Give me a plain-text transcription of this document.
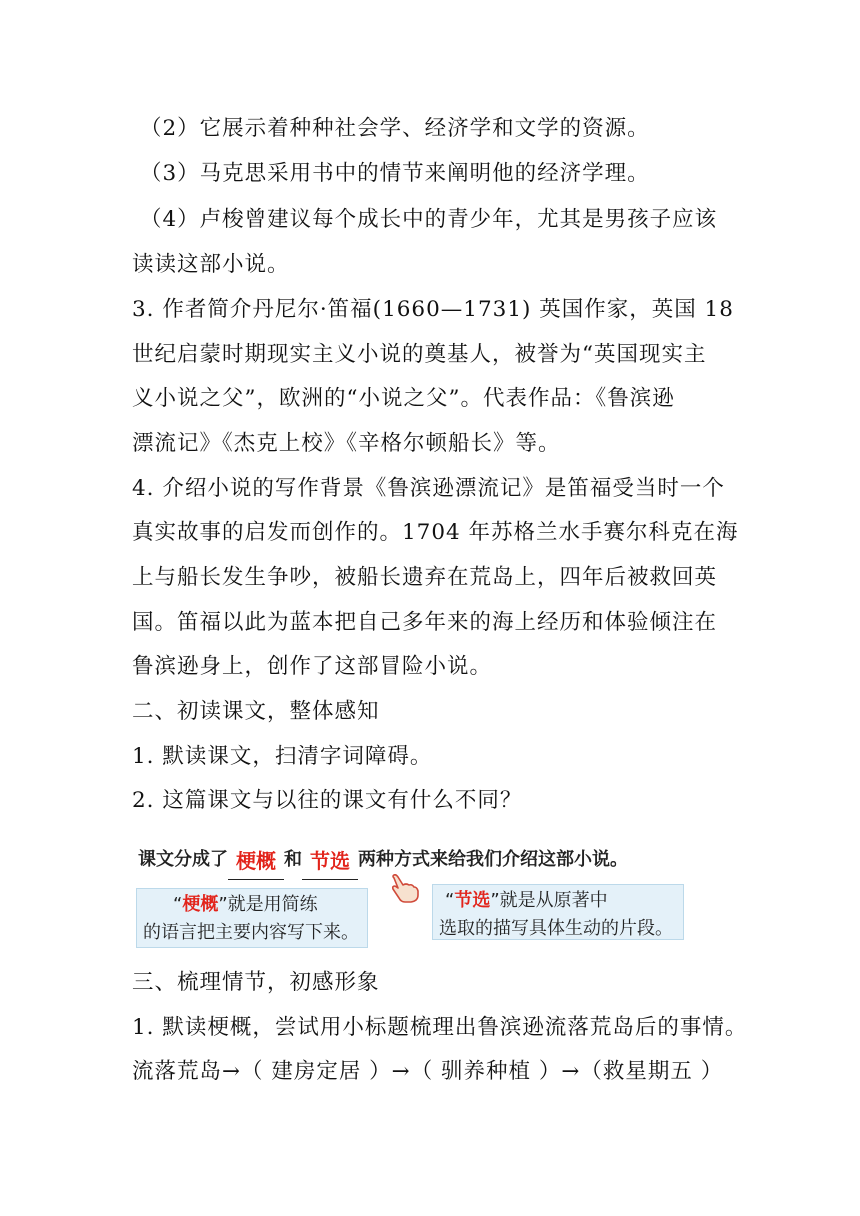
（2）它展示着种种社会学、经济学和文学的资源。
（3）马克思采用书中的情节来阐明他的经济学理。
（4）卢梭曾建议每个成长中的青少年，尤其是男孩子应该
读读这部小说。
3. 作者简介丹尼尔·笛福(1660—1731) 英国作家，英国 18
世纪启蒙时期现实主义小说的奠基人，被誉为“英国现实主
义小说之父”，欧洲的“小说之父”。代表作品：《鲁滨逊
漂流记》《杰克上校》《辛格尔顿船长》等。
4. 介绍小说的写作背景《鲁滨逊漂流记》是笛福受当时一个
真实故事的启发而创作的。1704 年苏格兰水手赛尔科克在海
上与船长发生争吵，被船长遗弃在荒岛上，四年后被救回英
国。笛福以此为蓝本把自己多年来的海上经历和体验倾注在
鲁滨逊身上，创作了这部冒险小说。
二、初读课文，整体感知
1. 默读课文，扫清字词障碍。
2. 这篇课文与以往的课文有什么不同？
课文分成了 梗概 和 节选 两种方式来给我们介绍这部小说。
“梗概”就是用简练
的语言把主要内容写下来。
“节选”就是从原著中
选取的描写具体生动的片段。
三、梳理情节，初感形象
1. 默读梗概，尝试用小标题梳理出鲁滨逊流落荒岛后的事情。
流落荒岛→（ 建房定居 ）→（ 驯养种植 ）→（救星期五 ）
